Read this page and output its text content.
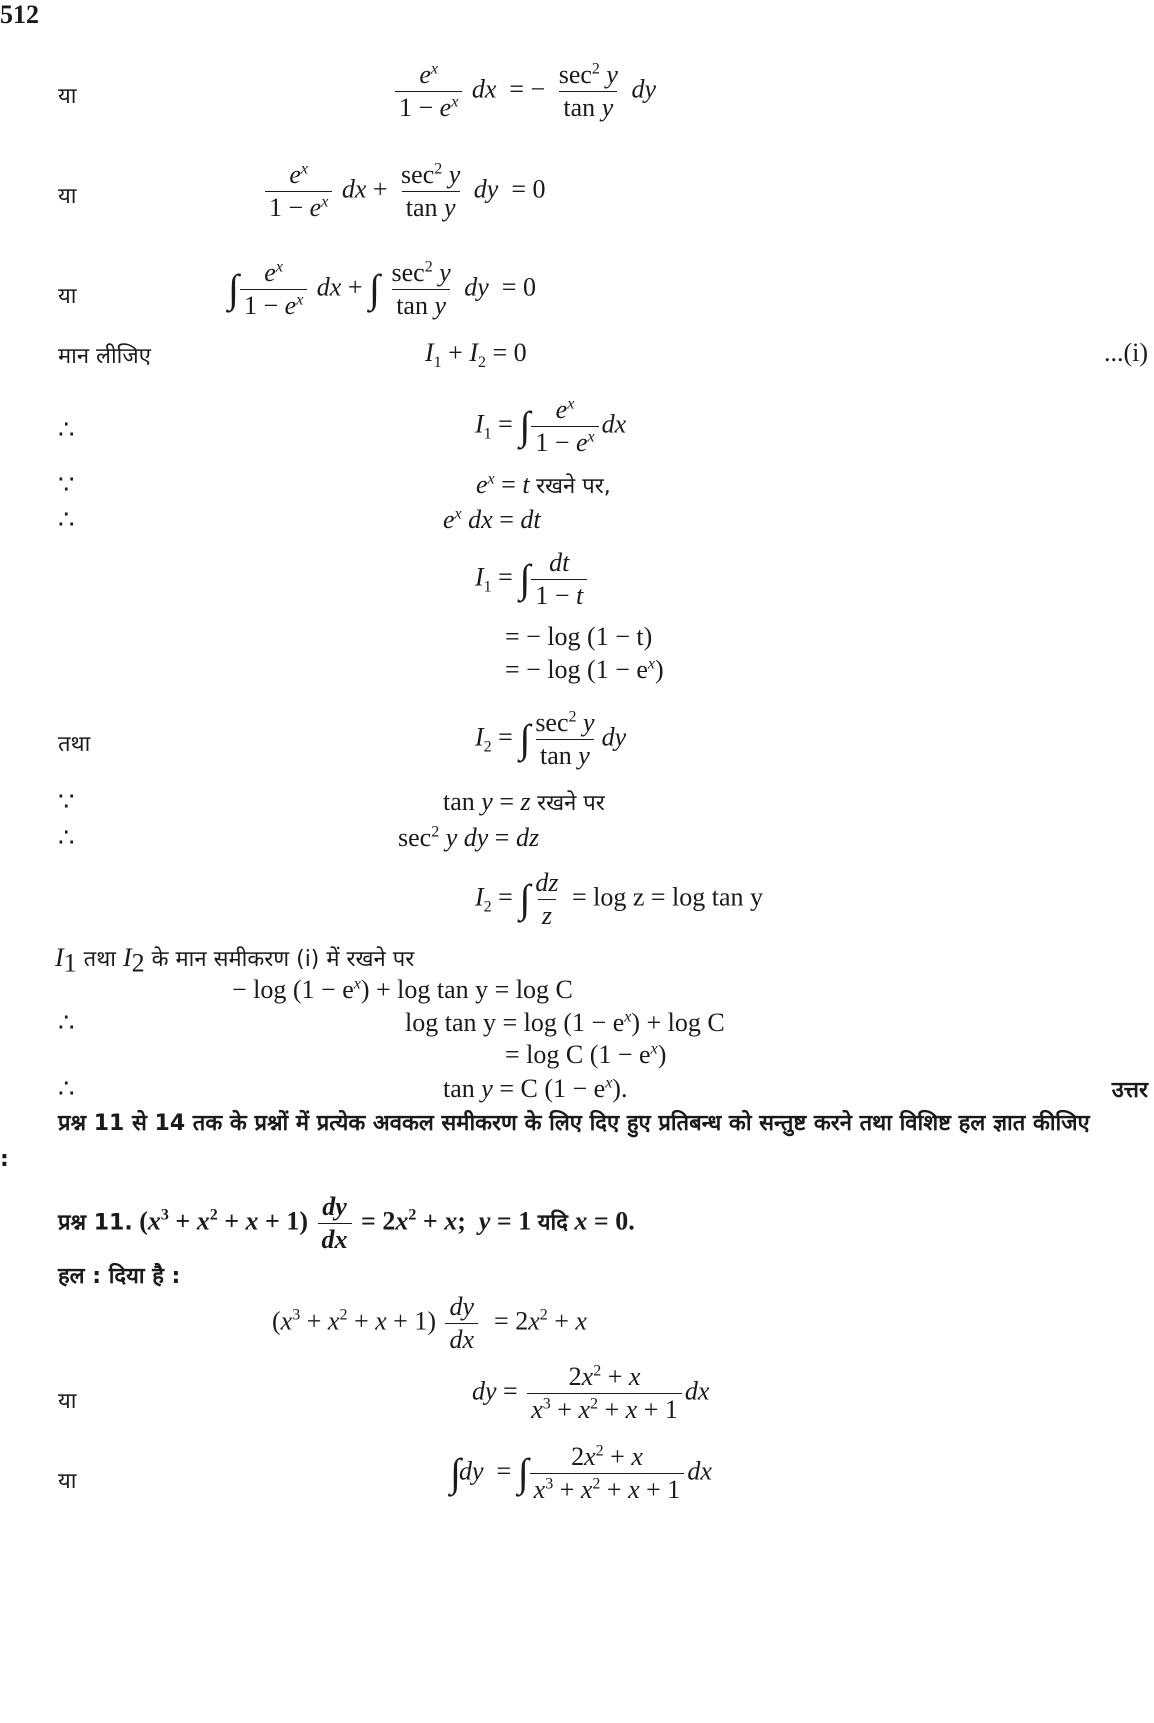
512
या	$\frac{e^x}{1 - e^x}$ dx = − $\frac{\sec^2 y}{\text{tan y}}$ dy
या	$\frac{e^x}{1 - e^x}$ dx + $\frac{\sec^2 y}{\text{tan y}}$ dy = 0
या	∫ $\frac{e^x}{1 - e^x}$ dx + ∫ $\frac{\sec^2 y}{\text{tan y}}$ dy = 0
मान लीजिए	$I_1 + I_2 = 0$	...(i)
∴	$I_1$ = ∫ $\frac{e^x}{1 - e^x}$ dx
∵	$e^x = t$ रखने पर,
∴	$e^x$ dx = dt
$I_1$ = ∫ $\frac{dt}{1 - t}$
= − log (1 − t)
= − $\log (1 - e^x)$
तथा	$I_2$ = ∫ $\frac{\sec^2 y}{\text{tan y}}$ dy
∵	tan y = z रखने पर
∴	$\sec^2 y$ dy = dz
$I_2$ = ∫ $\frac{dz}{z} = \log z = \log \tan y$
$I_1$ तथा $I_2$ के मान समीकरण (i) में रखने पर
− $\log (1 - e^x) + \log \tan y = \log C$
∴	$\log \tan y = \log (1 - e^x) + \log C$
= log C $(1 - e^x)$
∴	tan y = C $(1 - e^x)$.	उत्तर
प्रश्न 11 से 14 तक के प्रश्नों में प्रत्येक अवकल समीकरण के लिए दिए हुए प्रतिबन्ध को सन्तुष्ट करने तथा विशिष्ट हल ज्ञात कीजिए :
प्रश्न 11. $(x^3 + x^2 + x + 1) \frac{dy}{dx} = 2x^2 + x$; y = 1 यदि x = 0.
हल : दिया है :
$(x^3 + x^2 + x + 1) \frac{dy}{dx} = 2x^2 + x$
या	dy = $\frac{2x^2 + x}{x^3 + x^2 + x + 1}$ dx
या	∫dy = ∫ $\frac{2x^2 + x}{x^3 + x^2 + x + 1}$ dx
